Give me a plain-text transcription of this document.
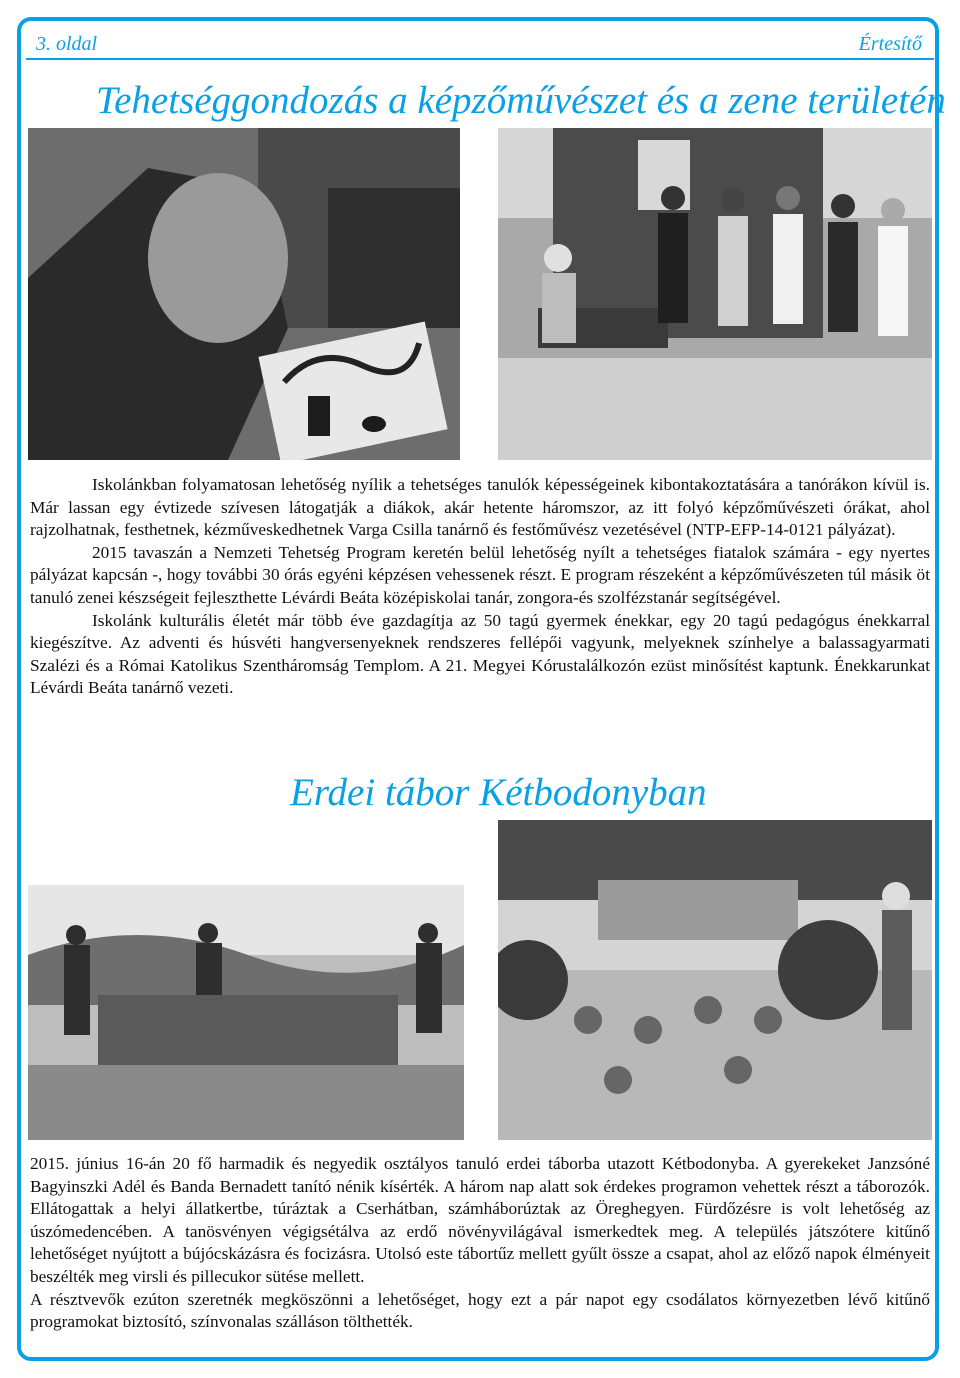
3. oldal	Értesítő
Tehetséggondozás a képzőművészet és a zene területén

Iskolánkban folyamatosan lehetőség nyílik a tehetséges tanulók képességeinek kibontakoztatására a tanórákon kívül is. Már lassan egy évtizede szívesen látogatják a diákok, akár hetente háromszor, az itt folyó képzőművészeti órákat, ahol rajzolhatnak, festhetnek, kézműveskedhetnek Varga Csilla tanárnő és festőművész vezetésével (NTP-EFP-14-0121 pályázat).

2015 tavaszán a Nemzeti Tehetség Program keretén belül lehetőség nyílt a tehetséges fiatalok számára - egy nyertes pályázat kapcsán -, hogy további 30 órás egyéni képzésen vehessenek részt. E program részeként a képzőművészeten túl másik öt tanuló zenei készségeit fejleszthette Lévárdi Beáta középiskolai tanár, zongora-és szolfézstanár segítségével.

Iskolánk kulturális életét már több éve gazdagítja az 50 tagú gyermek énekkar, egy 20 tagú pedagógus énekkarral kiegészítve. Az adventi és húsvéti hangversenyeknek rendszeres fellépői vagyunk, melyeknek színhelye a balassagyarmati Szalézi és a Római Katolikus Szentháromság Templom. A 21. Megyei Kórustalálkozón ezüst minősítést kaptunk. Énekkarunkat Lévárdi Beáta tanárnő vezeti.

Erdei tábor Kétbodonyban

2015. június 16-án 20 fő harmadik és negyedik osztályos tanuló erdei táborba utazott Kétbodonyba. A gyerekeket Janzsóné Bagyinszki Adél és Banda Bernadett tanító nénik kísérték. A három nap alatt sok érdekes programon vehettek részt a táborozók. Ellátogattak a helyi állatkertbe, túráztak a Cserhátban, számháborúztak az Öreghegyen. Fürdőzésre is volt lehetőség az úszómedencében. A tanösvényen végigsétálva az erdő növényvilágával ismerkedtek meg. A település játszótere kitűnő lehetőséget nyújtott a bújócskázásra és focizásra. Utolsó este tábortűz mellett gyűlt össze a csapat, ahol az előző napok élményeit beszélték meg virsli és pillecukor sütése mellett.

A résztvevők ezúton szeretnék megköszönni a lehetőséget, hogy ezt a pár napot egy csodálatos környezetben lévő kitűnő programokat biztosító, színvonalas szálláson tölthették.
